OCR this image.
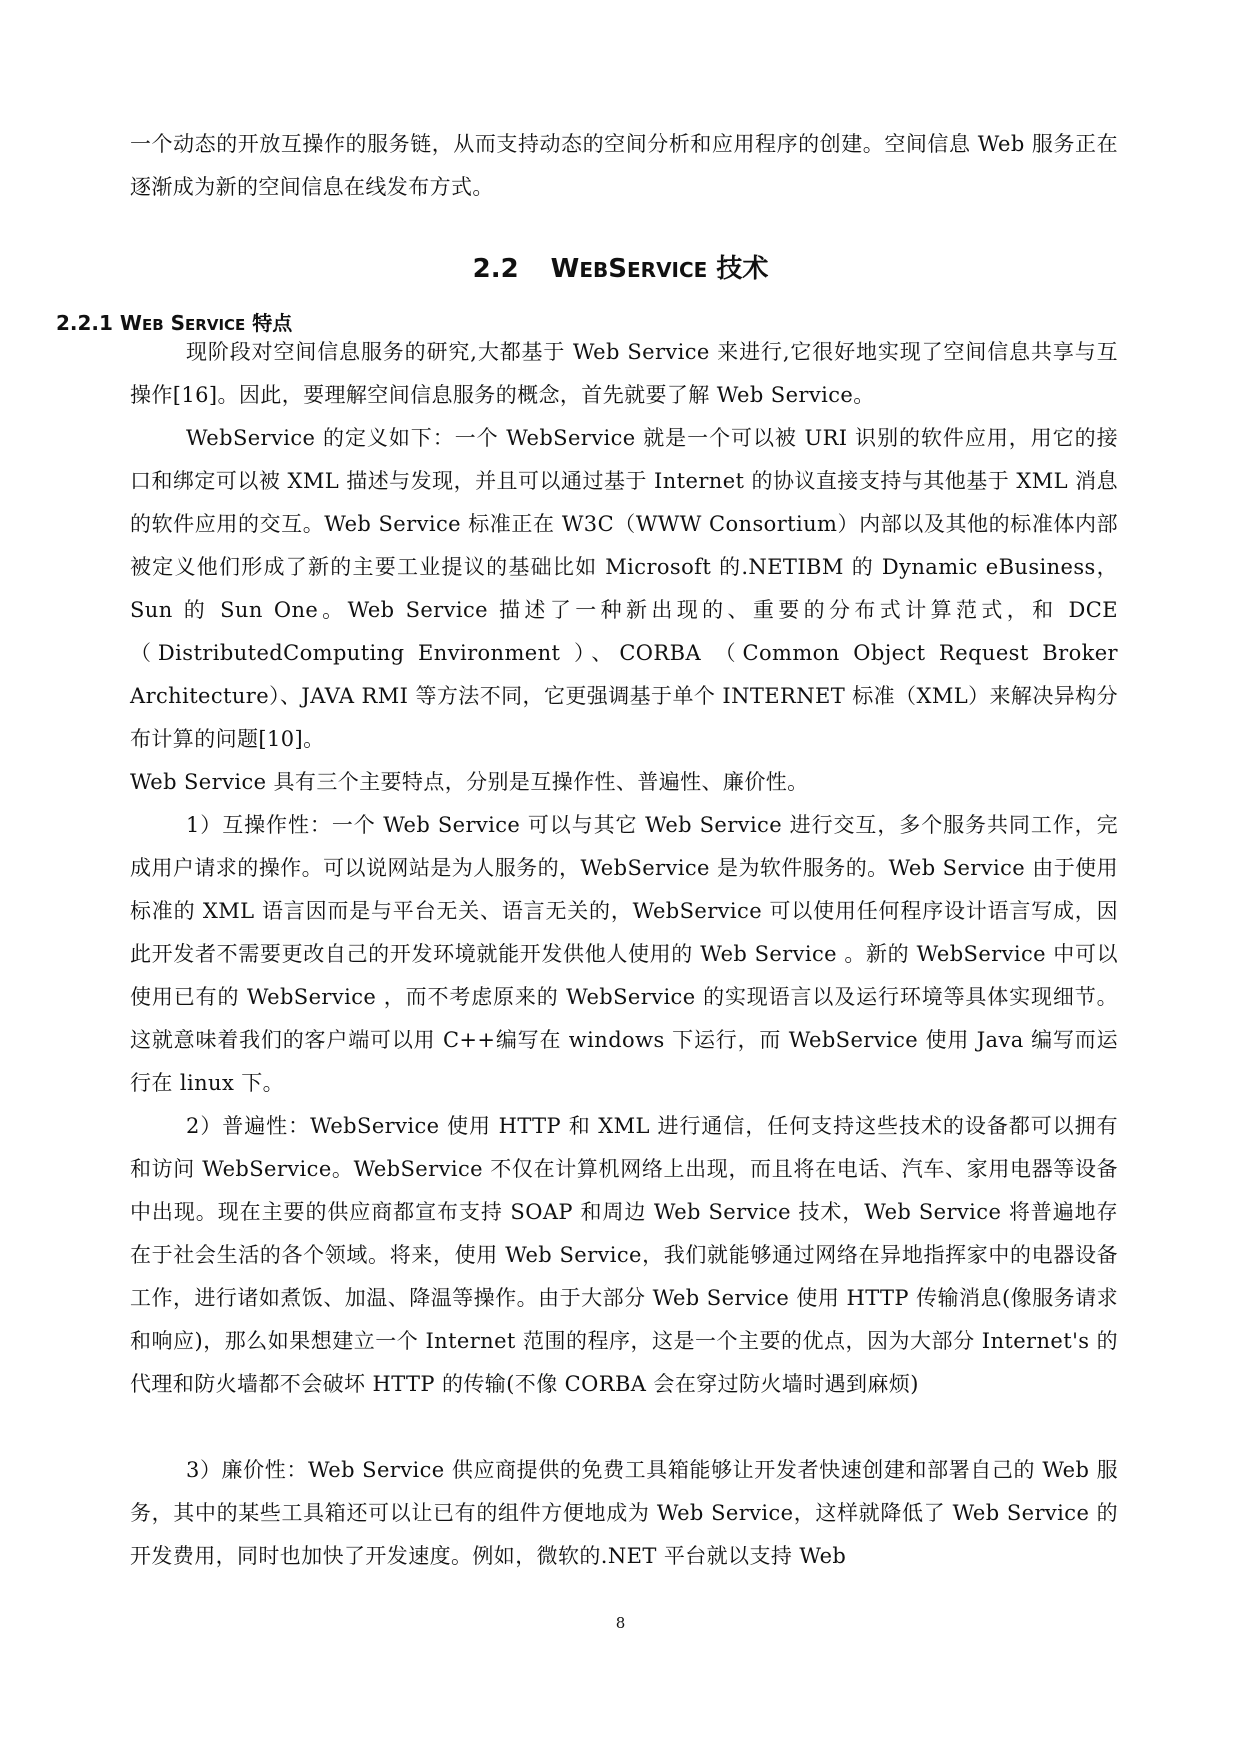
一个动态的开放互操作的服务链，从而支持动态的空间分析和应用程序的创建。空间信息 Web 服务正在逐渐成为新的空间信息在线发布方式。

2.2 WEBSERVICE 技术
2.2.1 WEB SERVICE 特点

现阶段对空间信息服务的研究,大都基于 Web Service 来进行,它很好地实现了空间信息共享与互操作[16]。因此，要理解空间信息服务的概念，首先就要了解 Web Service。

WebService 的定义如下：一个 WebService 就是一个可以被 URI 识别的软件应用，用它的接口和绑定可以被 XML 描述与发现，并且可以通过基于 Internet 的协议直接支持与其他基于 XML 消息的软件应用的交互。Web Service 标准正在 W3C（WWW Consortium）内部以及其他的标准体内部被定义他们形成了新的主要工业提议的基础比如 Microsoft 的.NETIBM 的 Dynamic eBusiness，Sun 的 Sun One。Web Service 描述了一种新出现的、重要的分布式计算范式，和 DCE （DistributedComputing Environment ）、CORBA （Common Object Request Broker Architecture）、JAVA RMI 等方法不同，它更强调基于单个 INTERNET 标准（XML）来解决异构分布计算的问题[10]。

Web Service 具有三个主要特点，分别是互操作性、普遍性、廉价性。

1）互操作性：一个 Web Service 可以与其它 Web Service 进行交互，多个服务共同工作，完成用户请求的操作。可以说网站是为人服务的，WebService 是为软件服务的。Web Service 由于使用标准的 XML 语言因而是与平台无关、语言无关的，WebService 可以使用任何程序设计语言写成，因此开发者不需要更改自己的开发环境就能开发供他人使用的 Web Service 。新的 WebService 中可以使用已有的 WebService ，而不考虑原来的 WebService 的实现语言以及运行环境等具体实现细节。这就意味着我们的客户端可以用 C++编写在 windows 下运行，而 WebService 使用 Java 编写而运行在 linux 下。

2）普遍性：WebService 使用 HTTP 和 XML 进行通信，任何支持这些技术的设备都可以拥有和访问 WebService。WebService 不仅在计算机网络上出现，而且将在电话、汽车、家用电器等设备中出现。现在主要的供应商都宣布支持 SOAP 和周边 Web Service 技术，Web Service 将普遍地存在于社会生活的各个领域。将来，使用 Web Service，我们就能够通过网络在异地指挥家中的电器设备工作，进行诸如煮饭、加温、降温等操作。由于大部分 Web Service 使用 HTTP 传输消息(像服务请求和响应)，那么如果想建立一个 Internet 范围的程序，这是一个主要的优点，因为大部分 Internet's 的代理和防火墙都不会破坏 HTTP 的传输(不像 CORBA 会在穿过防火墙时遇到麻烦)

3）廉价性：Web Service 供应商提供的免费工具箱能够让开发者快速创建和部署自己的 Web 服务，其中的某些工具箱还可以让已有的组件方便地成为 Web Service，这样就降低了 Web Service 的开发费用，同时也加快了开发速度。例如，微软的.NET 平台就以支持 Web

8
